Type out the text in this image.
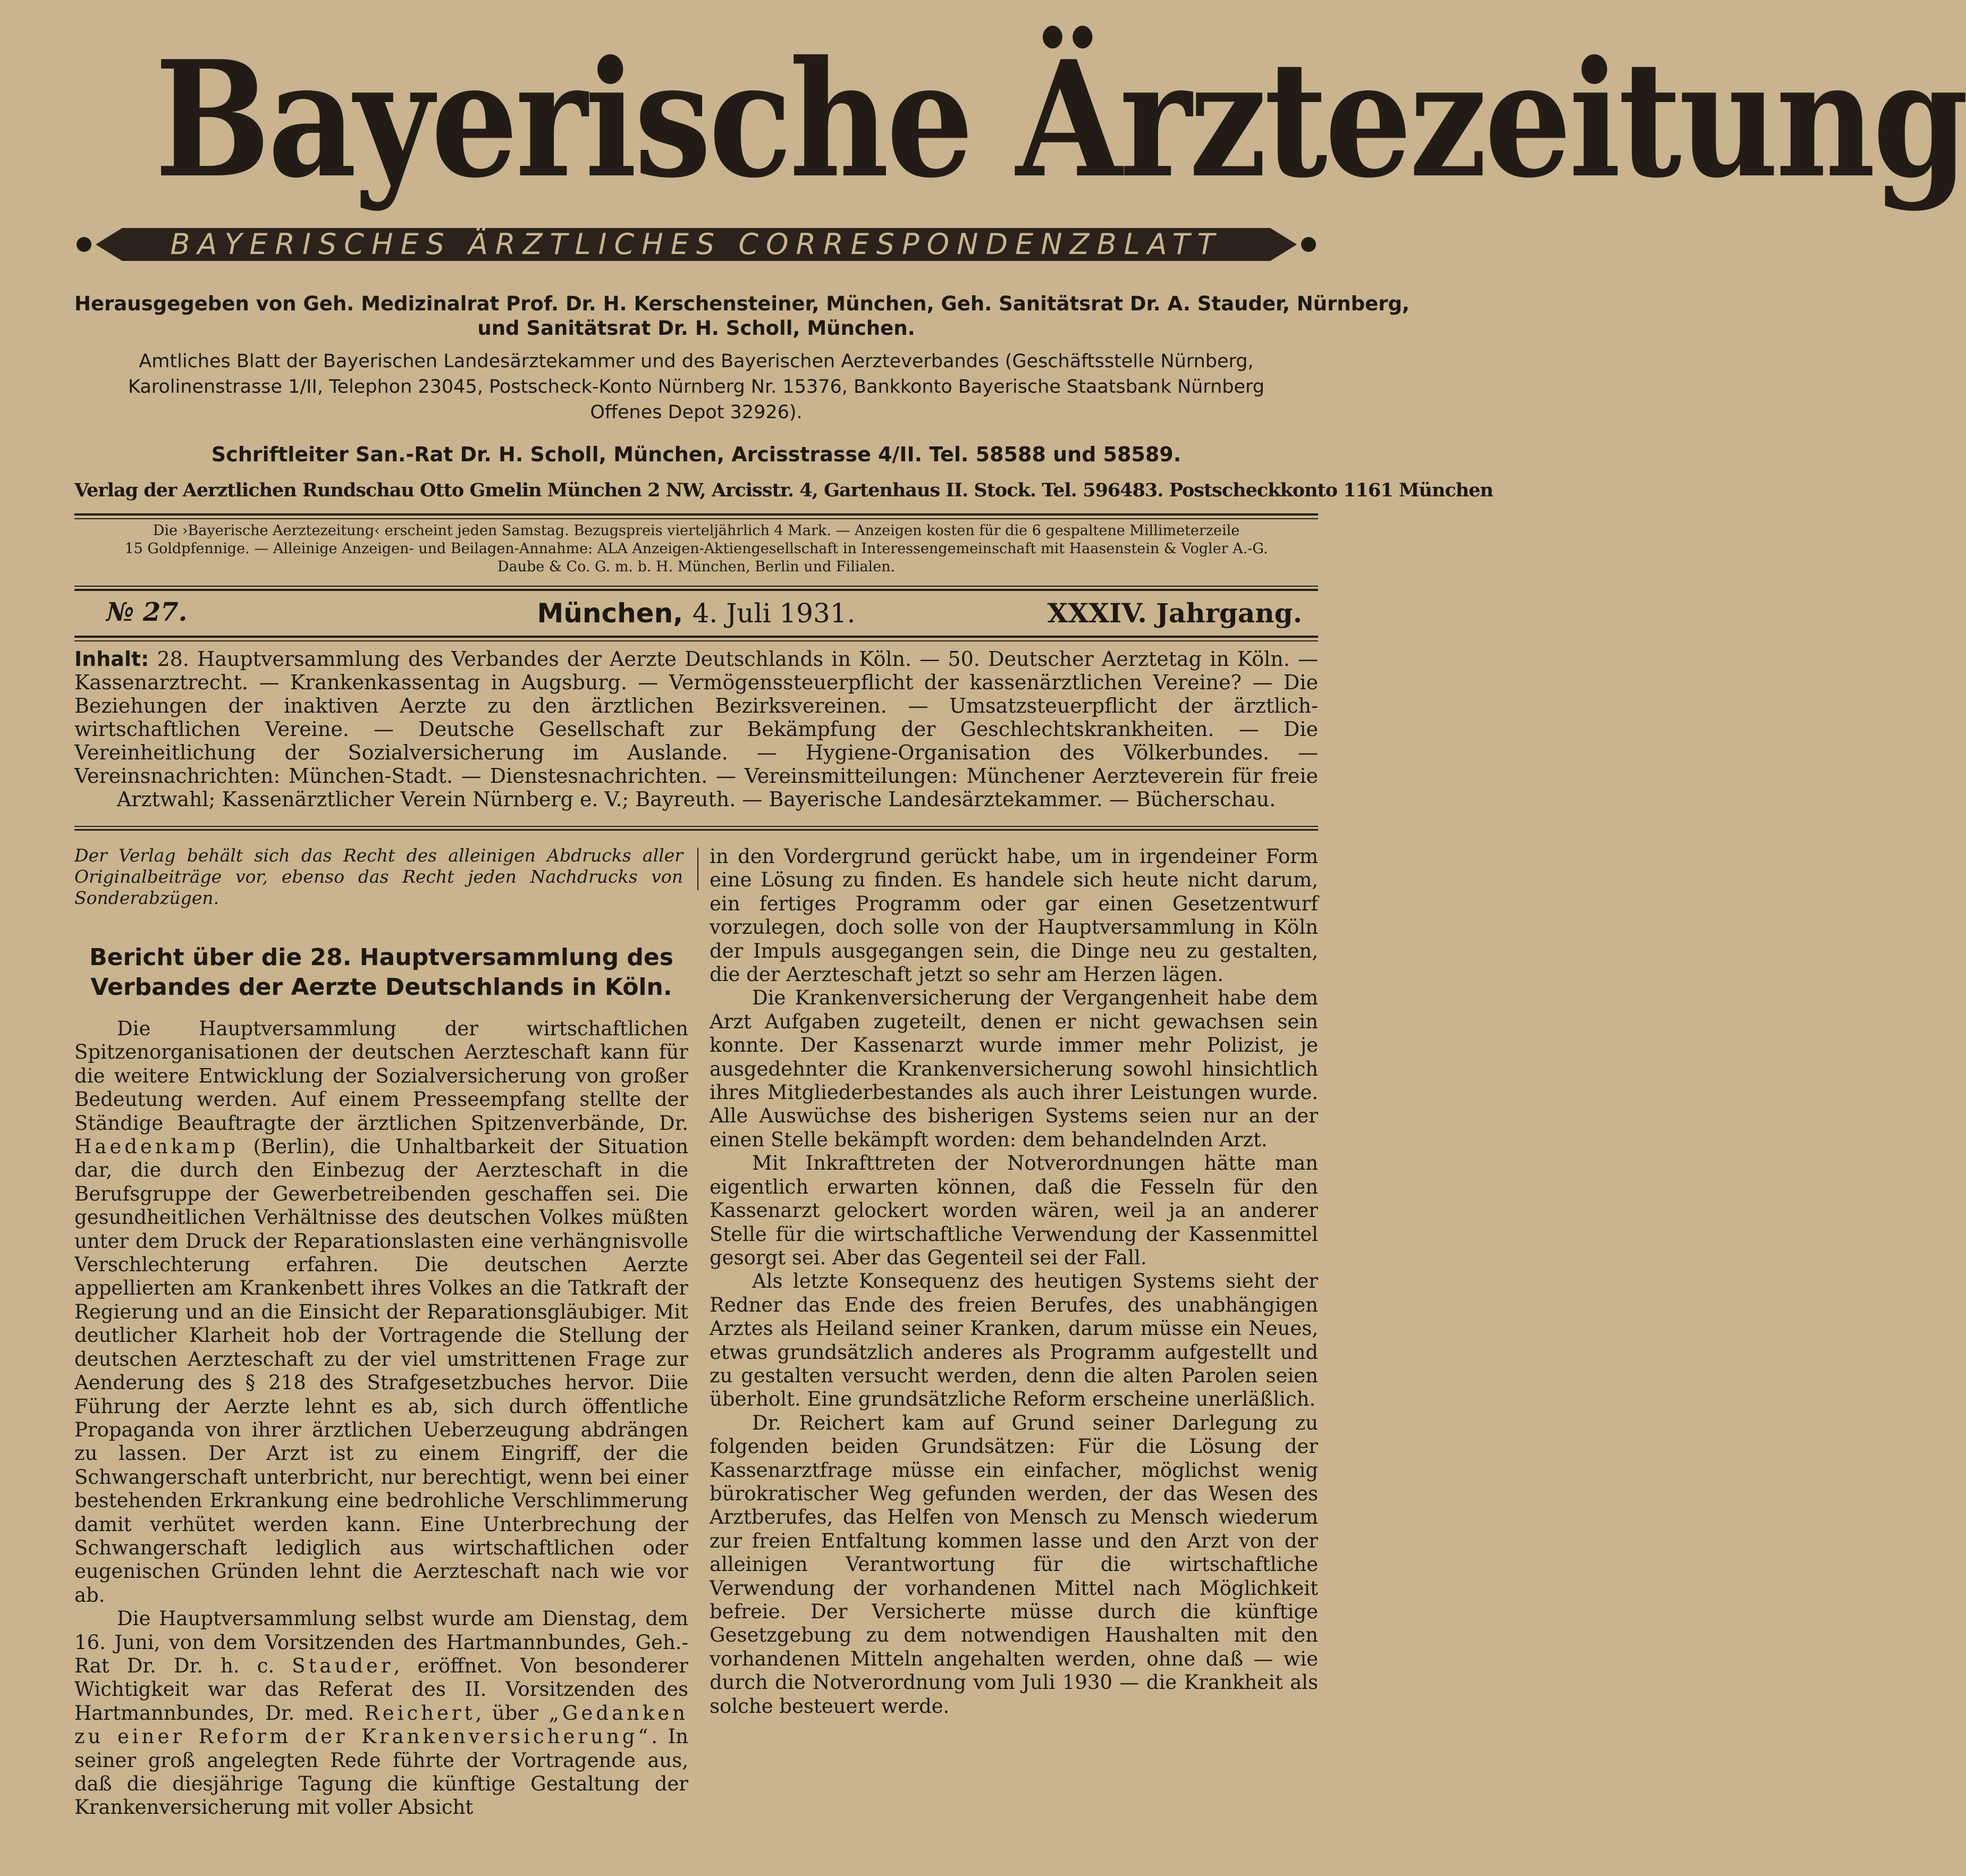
Bayerische Ärztezeitung
BAYERISCHES ÄRZTLICHES CORRESPONDENZBLATT
Herausgegeben von Geh. Medizinalrat Prof. Dr. H. Kerschensteiner, München, Geh. Sanitätsrat Dr. A. Stauder, Nürnberg,
und Sanitätsrat Dr. H. Scholl, München.
Amtliches Blatt der Bayerischen Landesärztekammer und des Bayerischen Aerzteverbandes (Geschäftsstelle Nürnberg,
Karolinenstrasse 1/II, Telephon 23045, Postscheck-Konto Nürnberg Nr. 15376, Bankkonto Bayerische Staatsbank Nürnberg
Offenes Depot 32926).
Schriftleiter San.-Rat Dr. H. Scholl, München, Arcisstrasse 4/II. Tel. 58588 und 58589.
Verlag der Aerztlichen Rundschau Otto Gmelin München 2 NW, Arcisstr. 4, Gartenhaus II. Stock. Tel. 596483. Postscheckkonto 1161 München
Die ›Bayerische Aerztezeitung‹ erscheint jeden Samstag. Bezugspreis vierteljährlich 4 Mark. — Anzeigen kosten für die 6 gespaltene Millimeterzeile
15 Goldpfennige. — Alleinige Anzeigen- und Beilagen-Annahme: ALA Anzeigen-Aktiengesellschaft in Interessengemeinschaft mit Haasenstein & Vogler A.-G.
Daube & Co. G. m. b. H. München, Berlin und Filialen.
№ 27.	München, 4. Juli 1931.	XXXIV. Jahrgang.
Inhalt: 28. Hauptversammlung des Verbandes der Aerzte Deutschlands in Köln. — 50. Deutscher Aerztetag in Köln. — Kassenarztrecht. — Krankenkassentag in Augsburg. — Vermögenssteuerpflicht der kassenärztlichen Vereine? — Die Beziehungen der inaktiven Aerzte zu den ärztlichen Bezirksvereinen. — Umsatzsteuerpflicht der ärztlich-wirtschaftlichen Vereine. — Deutsche Gesellschaft zur Bekämpfung der Geschlechtskrankheiten. — Die Vereinheitlichung der Sozialversicherung im Auslande. — Hygiene-Organisation des Völkerbundes. — Vereinsnachrichten: München-Stadt. — Dienstesnachrichten. — Vereinsmitteilungen: Münchener Aerzteverein für freie Arztwahl; Kassenärztlicher Verein Nürnberg e. V.; Bayreuth. — Bayerische Landesärztekammer. — Bücherschau.
Der Verlag behält sich das Recht des alleinigen Abdrucks aller Originalbeiträge vor, ebenso das Recht jeden Nachdrucks von Sonderabzügen.
Bericht über die 28. Hauptversammlung des Verbandes der Aerzte Deutschlands in Köln.

Die Hauptversammlung der wirtschaftlichen Spitzenorganisationen der deutschen Aerzteschaft kann für die weitere Entwicklung der Sozialversicherung von großer Bedeutung werden. Auf einem Presseempfang stellte der Ständige Beauftragte der ärztlichen Spitzenverbände, Dr. Haedenkamp (Berlin), die Unhaltbarkeit der Situation dar, die durch den Einbezug der Aerzteschaft in die Berufsgruppe der Gewerbetreibenden geschaffen sei. Die gesundheitlichen Verhältnisse des deutschen Volkes müßten unter dem Druck der Reparationslasten eine verhängnisvolle Verschlechterung erfahren. Die deutschen Aerzte appellierten am Krankenbett ihres Volkes an die Tatkraft der Regierung und an die Einsicht der Reparationsgläubiger. Mit deutlicher Klarheit hob der Vortragende die Stellung der deutschen Aerzteschaft zu der viel umstrittenen Frage zur Aenderung des § 218 des Strafgesetzbuches hervor. Diie Führung der Aerzte lehnt es ab, sich durch öffentliche Propaganda von ihrer ärztlichen Ueberzeugung abdrängen zu lassen. Der Arzt ist zu einem Eingriff, der die Schwangerschaft unterbricht, nur berechtigt, wenn bei einer bestehenden Erkrankung eine bedrohliche Verschlimmerung damit verhütet werden kann. Eine Unterbrechung der Schwangerschaft lediglich aus wirtschaftlichen oder eugenischen Gründen lehnt die Aerzteschaft nach wie vor ab.

Die Hauptversammlung selbst wurde am Dienstag, dem 16. Juni, von dem Vorsitzenden des Hartmannbundes, Geh.-Rat Dr. Dr. h. c. Stauder, eröffnet. Von besonderer Wichtigkeit war das Referat des II. Vorsitzenden des Hartmannbundes, Dr. med. Reichert, über „Gedanken zu einer Reform der Krankenversicherung“. In seiner groß angelegten Rede führte der Vortragende aus, daß die diesjährige Tagung die künftige Gestaltung der Krankenversicherung mit voller Absicht

in den Vordergrund gerückt habe, um in irgendeiner Form eine Lösung zu finden. Es handele sich heute nicht darum, ein fertiges Programm oder gar einen Gesetzentwurf vorzulegen, doch solle von der Hauptversammlung in Köln der Impuls ausgegangen sein, die Dinge neu zu gestalten, die der Aerzteschaft jetzt so sehr am Herzen lägen.

Die Krankenversicherung der Vergangenheit habe dem Arzt Aufgaben zugeteilt, denen er nicht gewachsen sein konnte. Der Kassenarzt wurde immer mehr Polizist, je ausgedehnter die Krankenversicherung sowohl hinsichtlich ihres Mitgliederbestandes als auch ihrer Leistungen wurde. Alle Auswüchse des bisherigen Systems seien nur an der einen Stelle bekämpft worden: dem behandelnden Arzt.

Mit Inkrafttreten der Notverordnungen hätte man eigentlich erwarten können, daß die Fesseln für den Kassenarzt gelockert worden wären, weil ja an anderer Stelle für die wirtschaftliche Verwendung der Kassenmittel gesorgt sei. Aber das Gegenteil sei der Fall.

Als letzte Konsequenz des heutigen Systems sieht der Redner das Ende des freien Berufes, des unabhängigen Arztes als Heiland seiner Kranken, darum müsse ein Neues, etwas grundsätzlich anderes als Programm aufgestellt und zu gestalten versucht werden, denn die alten Parolen seien überholt. Eine grundsätzliche Reform erscheine unerläßlich.

Dr. Reichert kam auf Grund seiner Darlegung zu folgenden beiden Grundsätzen: Für die Lösung der Kassenarztfrage müsse ein einfacher, möglichst wenig bürokratischer Weg gefunden werden, der das Wesen des Arztberufes, das Helfen von Mensch zu Mensch wiederum zur freien Entfaltung kommen lasse und den Arzt von der alleinigen Verantwortung für die wirtschaftliche Verwendung der vorhandenen Mittel nach Möglichkeit befreie. Der Versicherte müsse durch die künftige Gesetzgebung zu dem notwendigen Haushalten mit den vorhandenen Mitteln angehalten werden, ohne daß — wie durch die Notverordnung vom Juli 1930 — die Krankheit als solche besteuert werde.
